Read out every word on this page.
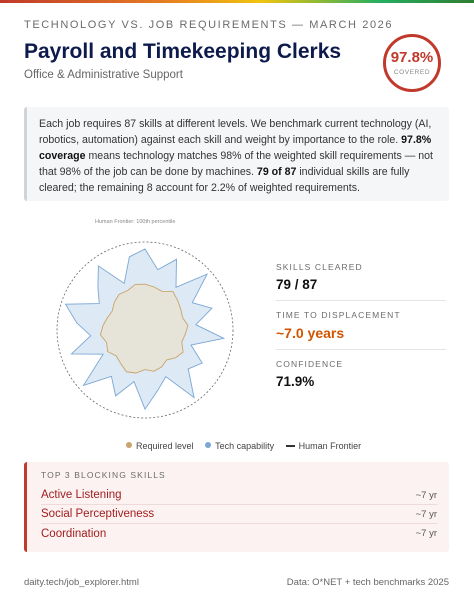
TECHNOLOGY VS. JOB REQUIREMENTS — MARCH 2026
Payroll and Timekeeping Clerks
Office & Administrative Support
97.8%
COVERED
Each job requires 87 skills at different levels. We benchmark current technology (AI, robotics, automation) against each skill and weight by importance to the role. 97.8% coverage means technology matches 98% of the weighted skill requirements — not that 98% of the job can be done by machines. 79 of 87 individual skills are fully cleared; the remaining 8 account for 2.2% of weighted requirements.
Human Frontier: 100th percentile
SKILLS CLEARED
79 / 87
TIME TO DISPLACEMENT
~7.0 years
CONFIDENCE
71.9%
Required level Tech capability	Human Frontier
TOP 3 BLOCKING SKILLS
Active Listening	~7 yr
Social Perceptiveness	~7 yr
Coordination	~7 yr
daity.tech/job_explorer.html	Data: O*NET + tech benchmarks 2025
